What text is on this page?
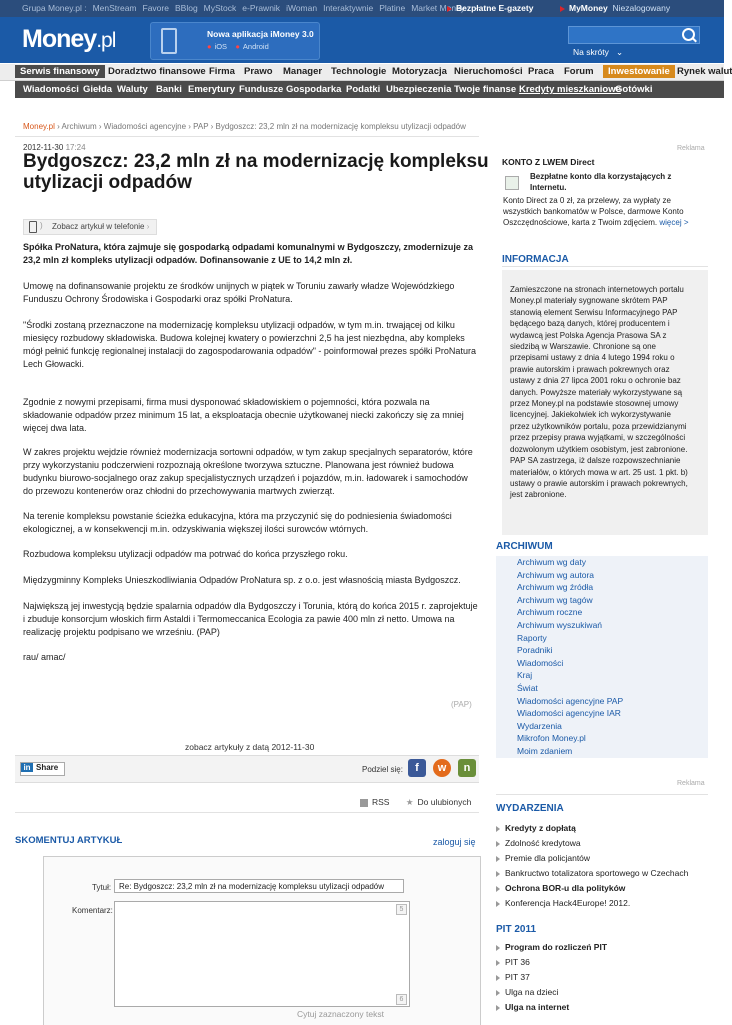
Grupa Money.pl : MenStream Favore BBlog MyStock e-Prawnik iWoman Interaktywnie Platine Market Money
Bezpłatne E-gazety	MyMoney Niezalogowany
Money.pl	Nowa aplikacja iMoney 3.0
● iOS ● Android
Na skróty ⌄
Serwis finansowy Doradztwo finansowe Firma Prawo Manager Technologie Motoryzacja Nieruchomości Praca Forum	Inwestowanie Rynek walut
Wiadomości Giełda Waluty Banki Emerytury Fundusze Gospodarka Podatki Ubezpieczenia Twoje finanse Kredyty mieszkaniowe
Gotówki
Money.pl › Archiwum › Wiadomości agencyjne › PAP › Bydgoszcz: 23,2 mln zł na modernizację kompleksu utylizacji odpadów
2012-11-30 17:24
Bydgoszcz: 23,2 mln zł na modernizację kompleksu utylizacji odpadów
) Zobacz artykuł w telefonie ›
Spółka ProNatura, która zajmuje się gospodarką odpadami komunalnymi w Bydgoszczy, zmodernizuje za 23,2 mln zł kompleks utylizacji odpadów. Dofinansowanie z UE to 14,2 mln zł.
Umowę na dofinansowanie projektu ze środków unijnych w piątek w Toruniu zawarły władze Wojewódzkiego Funduszu Ochrony Środowiska i Gospodarki oraz spółki ProNatura.
"Środki zostaną przeznaczone na modernizację kompleksu utylizacji odpadów, w tym m.in. trwającej od kilku miesięcy rozbudowy składowiska. Budowa kolejnej kwatery o powierzchni 2,5 ha jest niezbędna, aby kompleks mógł pełnić funkcję regionalnej instalacji do zagospodarowania odpadów" - poinformował prezes spółki ProNatura Lech Głowacki.
Zgodnie z nowymi przepisami, firma musi dysponować składowiskiem o pojemności, która pozwala na składowanie odpadów przez minimum 15 lat, a eksploatacja obecnie użytkowanej niecki zakończy się za mniej więcej dwa lata.
W zakres projektu wejdzie również modernizacja sortowni odpadów, w tym zakup specjalnych separatorów, które przy wykorzystaniu podczerwieni rozpoznają określone tworzywa sztuczne. Planowana jest również budowa budynku biurowo-socjalnego oraz zakup specjalistycznych urządzeń i pojazdów, m.in. ładowarek i samochodów do przewozu kontenerów oraz chłodni do przechowywania martwych zwierząt.
Na terenie kompleksu powstanie ścieżka edukacyjna, która ma przyczynić się do podniesienia świadomości ekologicznej, a w konsekwencji m.in. odzyskiwania większej ilości surowców wtórnych.
Rozbudowa kompleksu utylizacji odpadów ma potrwać do końca przyszłego roku.
Międzygminny Kompleks Unieszkodliwiania Odpadów ProNatura sp. z o.o. jest własnością miasta Bydgoszcz.
Największą jej inwestycją będzie spalarnia odpadów dla Bydgoszczy i Torunia, którą do końca 2015 r. zaprojektuje i zbuduje konsorcjum włoskich firm Astaldi i Termomeccanica Ecologia za pawie 400 mln zł netto. Umowa na realizację projektu podpisano we wrześniu. (PAP)
rau/ amac/
(PAP)
zobacz artykuły z datą 2012-11-30
in Share	Podziel się:	f	w	n
RSS ★ Do ulubionych
SKOMENTUJ ARTYKUŁ	zaloguj się
Tytuł: Re: Bydgoszcz: 23,2 mln zł na modernizację kompleksu utylizacji odpadów
Komentarz:	5
6
Cytuj zaznaczony tekst
Reklama
KONTO Z LWEM Direct
Bezpłatne konto dla korzystających z Internetu.
Konto Direct za 0 zł, za przelewy, za wypłaty ze wszystkich bankomatów w Polsce, darmowe Konto Oszczędnościowe, karta z Twoim zdjęciem. więcej >
INFORMACJA
Zamieszczone na stronach internetowych portalu Money.pl materiały sygnowane skrótem PAP stanowią element Serwisu Informacyjnego PAP będącego bazą danych, której producentem i wydawcą jest Polska Agencja Prasowa SA z siedzibą w Warszawie. Chronione są one przepisami ustawy z dnia 4 lutego 1994 roku o prawie autorskim i prawach pokrewnych oraz ustawy z dnia 27 lipca 2001 roku o ochronie baz danych. Powyższe materiały wykorzystywane są przez Money.pl na podstawie stosownej umowy licencyjnej. Jakiekolwiek ich wykorzystywanie przez użytkowników portalu, poza przewidzianymi przez przepisy prawa wyjątkami, w szczególności dozwolonym użytkiem osobistym, jest zabronione. PAP SA zastrzega, iż dalsze rozpowszechnianie materiałów, o których mowa w art. 25 ust. 1 pkt. b) ustawy o prawie autorskim i prawach pokrewnych, jest zabronione.
ARCHIWUM
Archiwum wg daty
Archiwum wg autora
Archiwum wg źródła
Archiwum wg tagów
Archiwum roczne
Archiwum wyszukiwań
Raporty
Poradniki
Wiadomości
Kraj
Świat
Wiadomości agencyjne PAP
Wiadomości agencyjne IAR
Wydarzenia
Mikrofon Money.pl
Moim zdaniem
Reklama
WYDARZENIA
Kredyty z dopłatą
Zdolność kredytowa
Premie dla policjantów
Bankructwo totalizatora sportowego w Czechach
Ochrona BOR-u dla polityków
Konferencja Hack4Europe! 2012.
PIT 2011
Program do rozliczeń PIT
PIT 36
PIT 37
Ulga na dzieci
Ulga na internet
